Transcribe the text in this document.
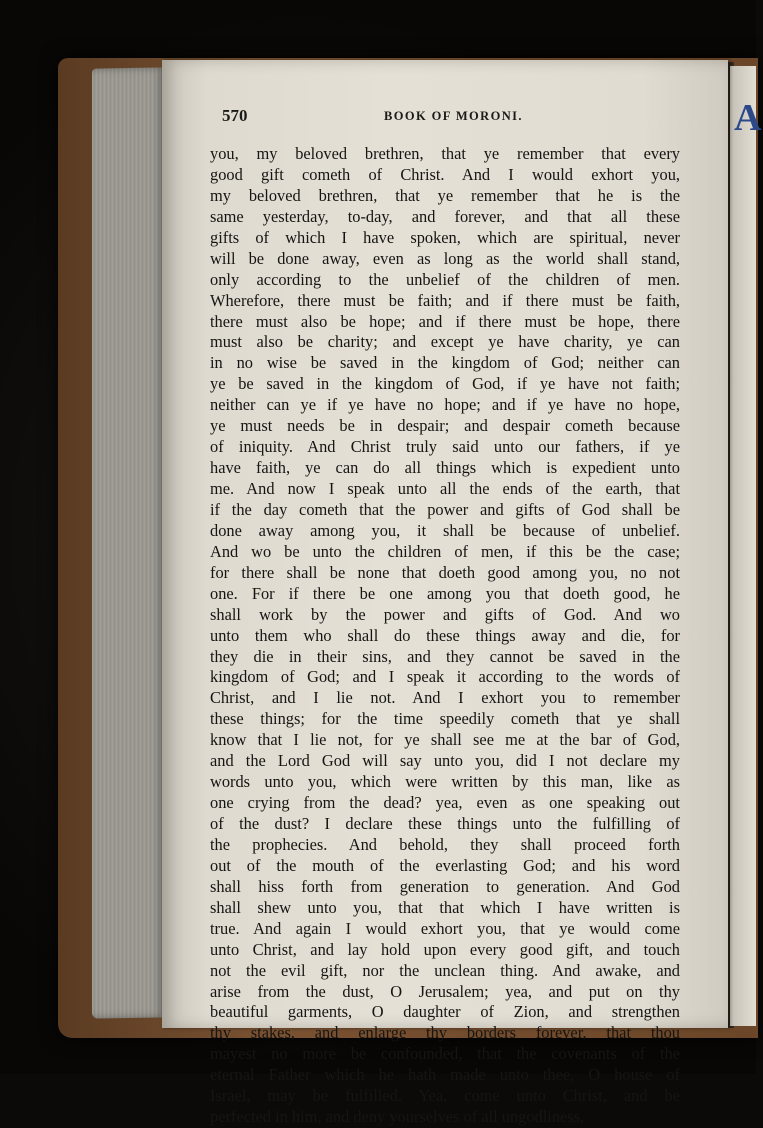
A
570	BOOK OF MORONI.
you, my beloved brethren, that ye remember that every
good gift cometh of Christ. And I would exhort you,
my beloved brethren, that ye remember that he is the
same yesterday, to-day, and forever, and that all these
gifts of which I have spoken, which are spiritual, never
will be done away, even as long as the world shall stand,
only according to the unbelief of the children of men.
Wherefore, there must be faith; and if there must be faith,
there must also be hope; and if there must be hope, there
must also be charity; and except ye have charity, ye can
in no wise be saved in the kingdom of God; neither can
ye be saved in the kingdom of God, if ye have not faith;
neither can ye if ye have no hope; and if ye have no hope,
ye must needs be in despair; and despair cometh because
of iniquity. And Christ truly said unto our fathers, if ye
have faith, ye can do all things which is expedient unto
me. And now I speak unto all the ends of the earth, that
if the day cometh that the power and gifts of God shall be
done away among you, it shall be because of unbelief.
And wo be unto the children of men, if this be the case;
for there shall be none that doeth good among you, no not
one. For if there be one among you that doeth good, he
shall work by the power and gifts of God. And wo
unto them who shall do these things away and die, for
they die in their sins, and they cannot be saved in the
kingdom of God; and I speak it according to the words of
Christ, and I lie not. And I exhort you to remember
these things; for the time speedily cometh that ye shall
know that I lie not, for ye shall see me at the bar of God,
and the Lord God will say unto you, did I not declare my
words unto you, which were written by this man, like as
one crying from the dead? yea, even as one speaking out
of the dust? I declare these things unto the fulfilling of
the prophecies. And behold, they shall proceed forth
out of the mouth of the everlasting God; and his word
shall hiss forth from generation to generation. And God
shall shew unto you, that that which I have written is
true. And again I would exhort you, that ye would come
unto Christ, and lay hold upon every good gift, and touch
not the evil gift, nor the unclean thing. And awake, and
arise from the dust, O Jerusalem; yea, and put on thy
beautiful garments, O daughter of Zion, and strengthen
thy stakes, and enlarge thy borders forever, that thou
mayest no more be confounded, that the covenants of the
eternal Father which he hath made unto thee, O house of
Israel, may be fulfilled. Yea, come unto Christ, and be
perfected in him, and deny yourselves of all ungodliness,
